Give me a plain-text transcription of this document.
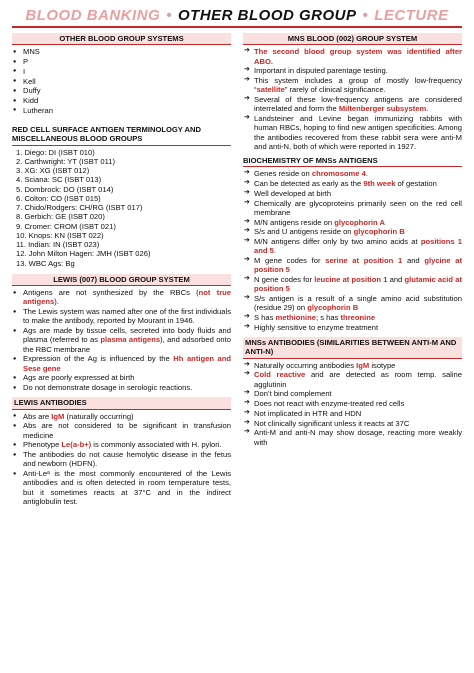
BLOOD BANKING • OTHER BLOOD GROUP • LECTURE
OTHER BLOOD GROUP SYSTEMS
● MNS
● P
● I
● Kell
● Duffy
● Kidd
● Lutheran
RED CELL SURFACE ANTIGEN TERMINOLOGY AND MISCELLANEOUS BLOOD GROUPS
1. Diego: DI (ISBT 010)
2. Carthwright: YT (ISBT 011)
3. XG: XG (ISBT 012)
4. Sciana: SC (ISBT 013)
5. Dombrock: DO (ISBT 014)
6. Colton: CO (ISBT 015)
7. Chido/Rodgers: CH/RG (ISBT 017)
8. Gerbich: GE (ISBT 020)
9. Cromer: CROM (ISBT 021)
10. Knops: KN (ISBT 022)
11. Indian: IN (ISBT 023)
12. John Milton Hagen: JMH (ISBT 026)
13. WBC Ags: Bg
LEWIS (007) BLOOD GROUP SYSTEM
● Antigens are not synthesized by the RBCs (not true antigens).
● The Lewis system was named after one of the first individuals to make the antibody, reported by Mourant in 1946.
● Ags are made by tissue cells, secreted into body fluids and plasma (referred to as plasma antigens), and adsorbed onto the RBC membrane
● Expression of the Ag is influenced by the Hh antigen and Sese gene
● Ags are poorly expressed at birth
● Do not demonstrate dosage in serologic reactions.
LEWIS ANTIBODIES
● Abs are IgM (naturally occurring)
● Abs are not considered to be significant in transfusion medicine
● Phenotype Le(a-b+) is commonly associated with H. pylori.
● The antibodies do not cause hemolytic disease in the fetus and newborn (HDFN).
● Anti-Leᵃ is the most commonly encountered of the Lewis antibodies and is often detected in room temperature tests, but it sometimes reacts at 37°C and in the indirect antiglobulin test.
MNS BLOOD (002) GROUP SYSTEM
➔ The second blood group system was identified after ABO.
➔ Important in disputed parentage testing.
➔ This system includes a group of mostly low-frequency “satellite” rarely of clinical significance.
➔ Several of these low-frequency antigens are considered interrelated and form the Miltenberger subsystem.
➔ Landsteiner and Levine began immunizing rabbits with human RBCs, hoping to find new antigen specificities. Among the antibodies recovered from these rabbit sera were anti-M and anti-N, both of which were reported in 1927.
BIOCHEMISTRY OF MNSs ANTIGENS
➔ Genes reside on chromosome 4.
➔ Can be detected as early as the 9th week of gestation
➔ Well developed at birth
➔ Chemically are glycoproteins primarily seen on the red cell membrane
➔ M/N antigens reside on glycophorin A
➔ S/s and U antigens reside on glycophorin B
➔ M/N antigens differ only by two amino acids at positions 1 and 5.
➔ M gene codes for serine at position 1 and glycine at position 5
➔ N gene codes for leucine at position 1 and glutamic acid at position 5
➔ S/s antigen is a result of a single amino acid substitution (residue 29) on glycophorin B
➔ S has methionine; s has threonine
➔ Highly sensitive to enzyme treatment
MNSs ANTIBODIES (SIMILARITIES BETWEEN ANTI-M AND ANTI-N)
➔ Naturally occurring antibodies IgM isotype
➔ Cold reactive and are detected as room temp. saline agglutinin
➔ Don’t bind complement
➔ Does not react with enzyme-treated red cells
➔ Not implicated in HTR and HDN
➔ Not clinically significant unless it reacts at 37C
➔ Anti-M and anti-N may show dosage, reacting more weakly with
